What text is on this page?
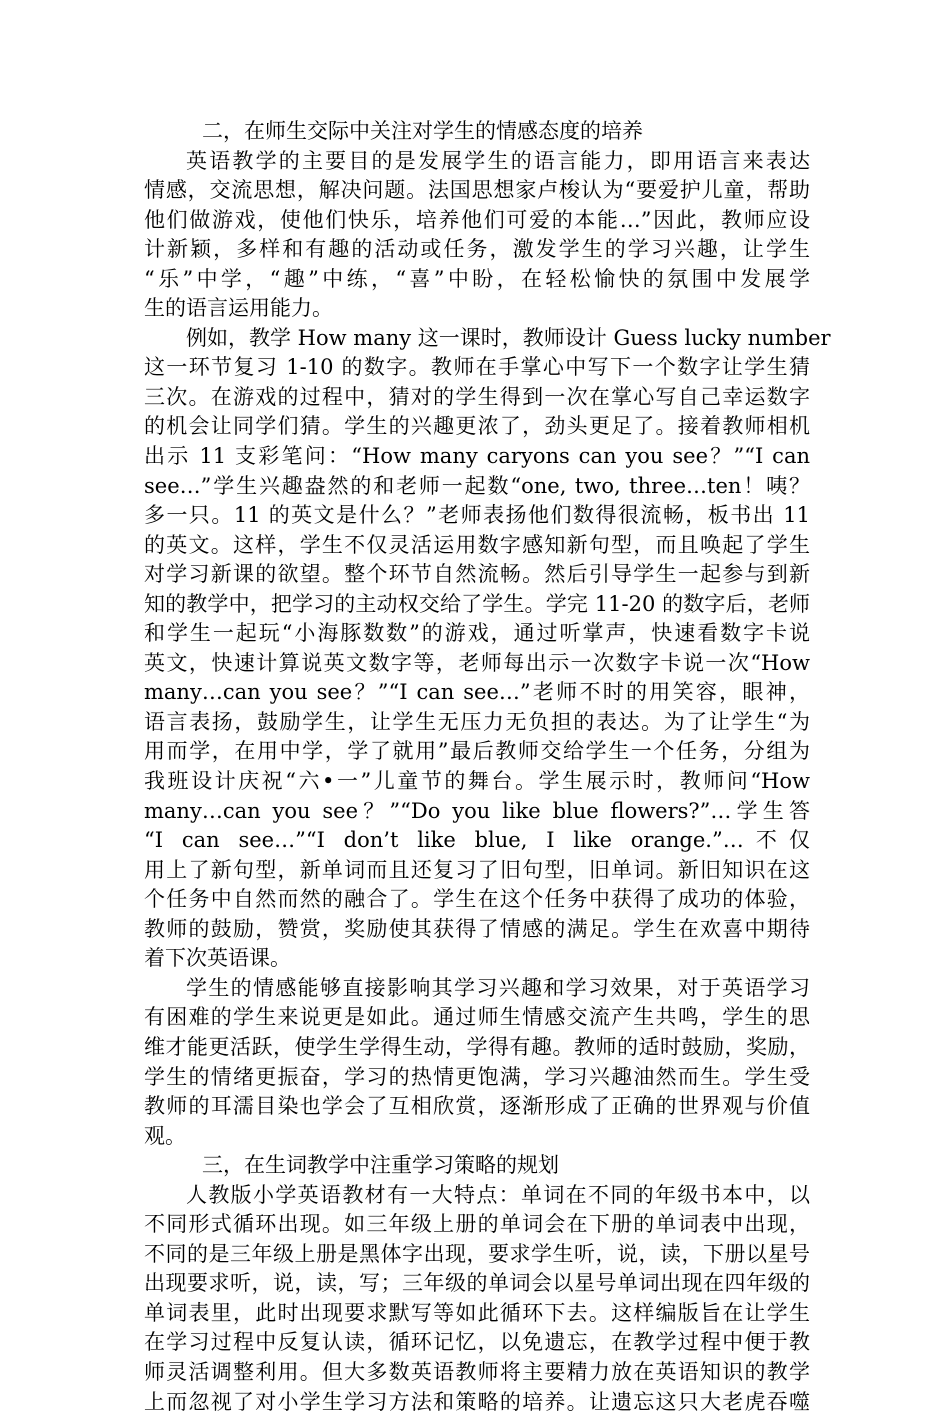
二，在师生交际中关注对学生的情感态度的培养
英语教学的主要目的是发展学生的语言能力，即用语言来表达
情感，交流思想，解决问题。法国思想家卢梭认为“要爱护儿童，帮助
他们做游戏，使他们快乐，培养他们可爱的本能…”因此，教师应设
计新颖，多样和有趣的活动或任务，激发学生的学习兴趣，让学生
“乐”中学，“趣”中练，“喜”中盼，在轻松愉快的氛围中发展学
生的语言运用能力。
例如，教学 How many 这一课时，教师设计 Guess lucky number
这一环节复习 1-10 的数字。教师在手掌心中写下一个数字让学生猜
三次。在游戏的过程中，猜对的学生得到一次在掌心写自己幸运数字
的机会让同学们猜。学生的兴趣更浓了，劲头更足了。接着教师相机
出示 11 支彩笔问：“How many caryons can you see？”“I can
see…”学生兴趣盎然的和老师一起数“one, two, three…ten！咦？
多一只。11 的英文是什么？”老师表扬他们数得很流畅，板书出 11
的英文。这样，学生不仅灵活运用数字感知新句型，而且唤起了学生
对学习新课的欲望。整个环节自然流畅。然后引导学生一起参与到新
知的教学中，把学习的主动权交给了学生。学完 11-20 的数字后，老师
和学生一起玩“小海豚数数”的游戏，通过听掌声，快速看数字卡说
英文，快速计算说英文数字等，老师每出示一次数字卡说一次“How
many…can you see？”“I can see…”老师不时的用笑容，眼神，
语言表扬，鼓励学生，让学生无压力无负担的表达。为了让学生“为
用而学，在用中学，学了就用”最后教师交给学生一个任务，分组为
我班设计庆祝“六•一”儿童节的舞台。学生展示时，教师问“How
many…can you see？”“Do you like blue flowers?”…学生答
“I can see…”“I don’t like blue, I like orange.”…不仅
用上了新句型，新单词而且还复习了旧句型，旧单词。新旧知识在这
个任务中自然而然的融合了。学生在这个任务中获得了成功的体验，
教师的鼓励，赞赏，奖励使其获得了情感的满足。学生在欢喜中期待
着下次英语课。
学生的情感能够直接影响其学习兴趣和学习效果，对于英语学习
有困难的学生来说更是如此。通过师生情感交流产生共鸣，学生的思
维才能更活跃，使学生学得生动，学得有趣。教师的适时鼓励，奖励，
学生的情绪更振奋，学习的热情更饱满，学习兴趣油然而生。学生受
教师的耳濡目染也学会了互相欣赏，逐渐形成了正确的世界观与价值
观。
三，在生词教学中注重学习策略的规划
人教版小学英语教材有一大特点：单词在不同的年级书本中，以
不同形式循环出现。如三年级上册的单词会在下册的单词表中出现，
不同的是三年级上册是黑体字出现，要求学生听，说，读，下册以星号
出现要求听，说，读，写；三年级的单词会以星号单词出现在四年级的
单词表里，此时出现要求默写等如此循环下去。这样编版旨在让学生
在学习过程中反复认读，循环记忆，以免遗忘，在教学过程中便于教
师灵活调整利用。但大多数英语教师将主要精力放在英语知识的教学
上而忽视了对小学生学习方法和策略的培养。让遗忘这只大老虎吞噬
